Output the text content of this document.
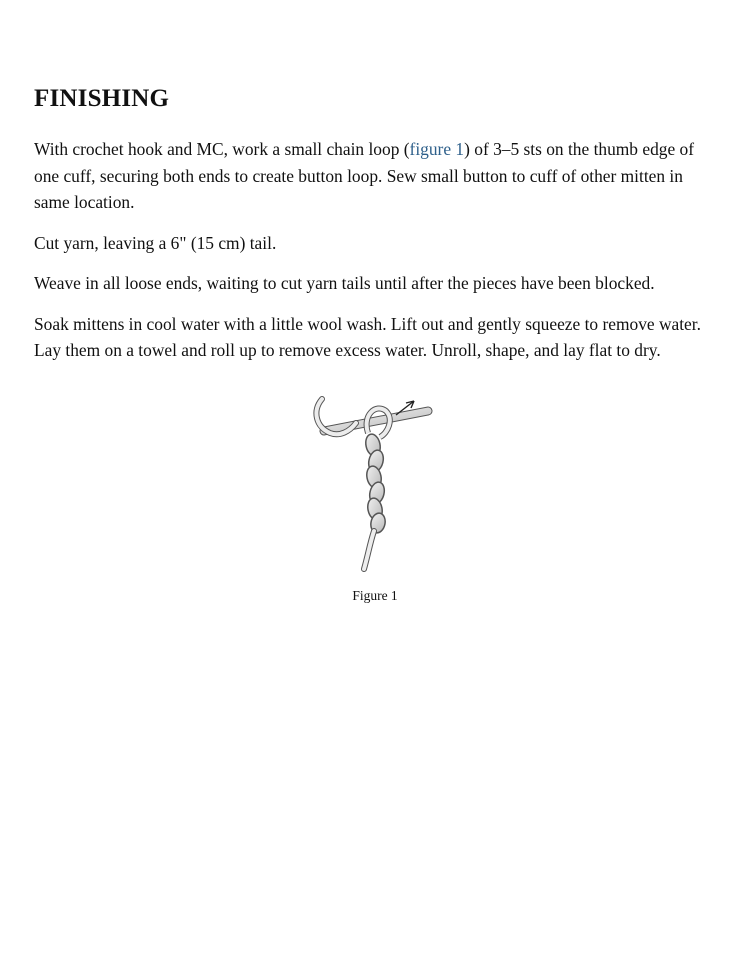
FINISHING

With crochet hook and MC, work a small chain loop (figure 1) of 3–5 sts on the thumb edge of one cuff, securing both ends to create button loop. Sew small button to cuff of other mitten in same location.

Cut yarn, leaving a 6" (15 cm) tail.

Weave in all loose ends, waiting to cut yarn tails until after the pieces have been blocked.

Soak mittens in cool water with a little wool wash. Lift out and gently squeeze to remove water. Lay them on a towel and roll up to remove excess water. Unroll, shape, and lay flat to dry.

Figure 1
